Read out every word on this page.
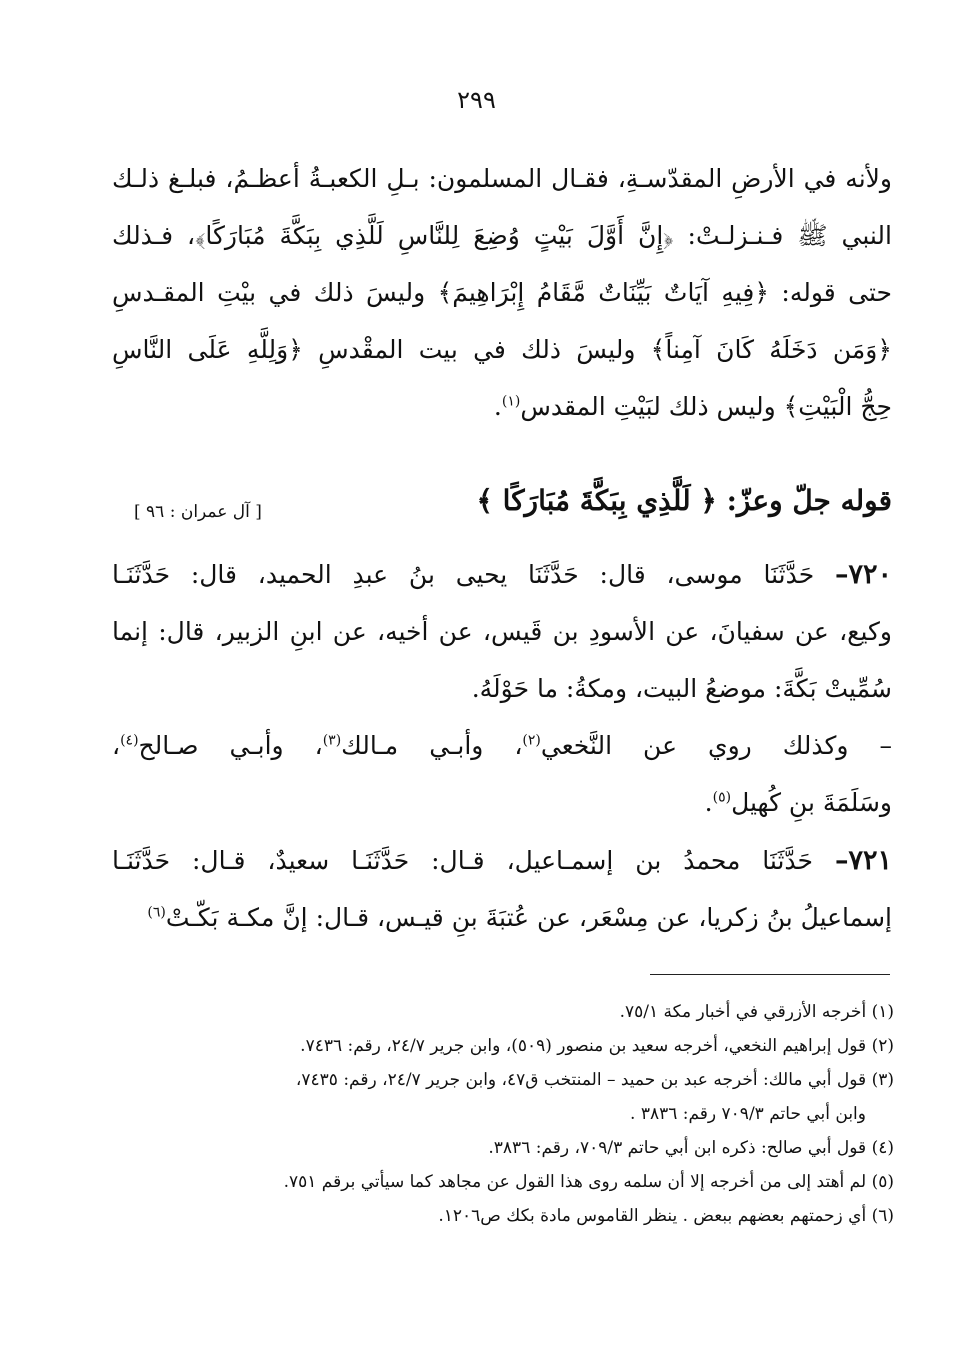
٢٩٩
ولأنه في الأرضِ المقدّسـةِ، فقـال المسلمون: بـلِ الكعبـةُ أعظـمُ، فبلـغ ذلـك
النبي ﷺ فـنـزلـتْ: ﴿إِنَّ أَوَّلَ بَيْتٍ وُضِعَ لِلنَّاسِ لَلَّذِي بِبَكَّةَ مُبَارَكًا﴾، فـذلك
حتى قوله: ﴿فِيهِ آيَاتٌ بَيِّنَاتٌ مَّقَامُ إِبْرَاهِيمَ﴾ وليسَ ذلك في بيْتِ المقـدسِ
﴿وَمَن دَخَلَهُ كَانَ آمِناً﴾ وليسَ ذلك في بيت المقْدسِ ﴿وَلِلَّهِ عَلَى النَّاسِ
حِجُّ الْبَيْتِ﴾ وليس ذلك لبَيْتِ المقدس$^{(١)}$.
قوله جلّ وعزّ: ﴿ لَلَّذِي بِبَكَّةَ مُبَارَكًا ﴾
[ آل عمران : ٩٦ ]
٧٢٠– حَدَّثَنَا موسى، قال: حَدَّثَنَا يحيى بنُ عبدِ الحميد، قال: حَدَّثَنَـا
وكيع، عن سفيانَ، عن الأسودِ بن قَيس، عن أخيه، عن ابنِ الزبير، قال: إنما
سُمِّيتْ بَكَّةَ: موضعُ البيت، ومكةُ: ما حَوْلَهُ.
– وكذلك روي عن النَّخعي$^{(٢)}$، وأبـي مـالك$^{(٣)}$، وأبـي صـالح$^{(٤)}$،
وسَلَمَةَ بنِ كُهيل$^{(٥)}$.
٧٢١– حَدَّثَنَا محمدُ بن إسمـاعيل، قـال: حَدَّثَنَـا سعيدٌ، قـال: حَدَّثَنَـا
إسماعيلُ بنُ زكريا، عن مِسْعَر، عن عُتبَةَ بنِ قيـس، قـال: إنَّ مكـة بَكّـتْ$^{(٦)}$
(١) أخرجه الأزرقي في أخبار مكة ٧٥/١.
(٢) قول إبراهيم النخعي، أخرجه سعيد بن منصور (٥٠٩)، وابن جرير ٢٤/٧، رقم: ٧٤٣٦.
(٣) قول أبي مالك: أخرجه عبد بن حميد – المنتخب ق٤٧، وابن جرير ٢٤/٧، رقم: ٧٤٣٥،
وابن أبي حاتم ٧٠٩/٣ رقم: ٣٨٣٦ .
(٤) قول أبي صالح: ذكره ابن أبي حاتم ٧٠٩/٣، رقم: ٣٨٣٦.
(٥) لم أهتد إلى من أخرجه إلا أن سلمه روى هذا القول عن مجاهد كما سيأتي برقم ٧٥١.
(٦) أي زحمتهم بعضهم ببعض . ينظر القاموس مادة بكك ص١٢٠٦.
